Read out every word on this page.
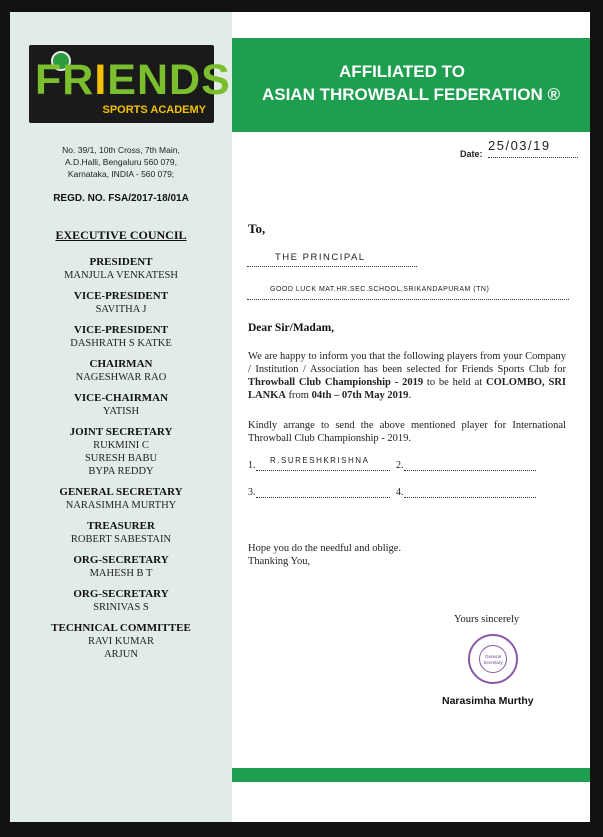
FRIENDS
SPORTS ACADEMY
No. 39/1, 10th Cross, 7th Main,
A.D.Halli, Bengaluru 560 079,
Karnataka, INDIA - 560 079;
REGD. NO. FSA/2017-18/01A
EXECUTIVE COUNCIL
PRESIDENT
MANJULA VENKATESH
VICE-PRESIDENT
SAVITHA J
VICE-PRESIDENT
DASHRATH S KATKE
CHAIRMAN
NAGESHWAR RAO
VICE-CHAIRMAN
YATISH
JOINT SECRETARY
RUKMINI C
SURESH BABU
BYPA REDDY
GENERAL SECRETARY
NARASIMHA MURTHY
TREASURER
ROBERT SABESTAIN
ORG-SECRETARY
MAHESH B T
ORG-SECRETARY
SRINIVAS S
TECHNICAL COMMITTEE
RAVI KUMAR
ARJUN
AFFILIATED TO
ASIAN THROWBALL FEDERATION ®
Date:
25/03/19
To,
THE PRINCIPAL
GOOD LUCK MAT.HR.SEC.SCHOOL,SRIKANDAPURAM (TN)
Dear Sir/Madam,
We are happy to inform you that the following players from your Company / Institution / Association has been selected for Friends Sports Club for Throwball Club Championship - 2019 to be held at COLOMBO, SRI LANKA from 04th – 07th May 2019.
Kindly arrange to send the above mentioned player for International Throwball Club Championship - 2019.
1. R.SURESHKRISHNA	2.
3.	4.
Hope you do the needful and oblige.
Thanking You,
Yours sincerely
General
Secretary
Narasimha Murthy
